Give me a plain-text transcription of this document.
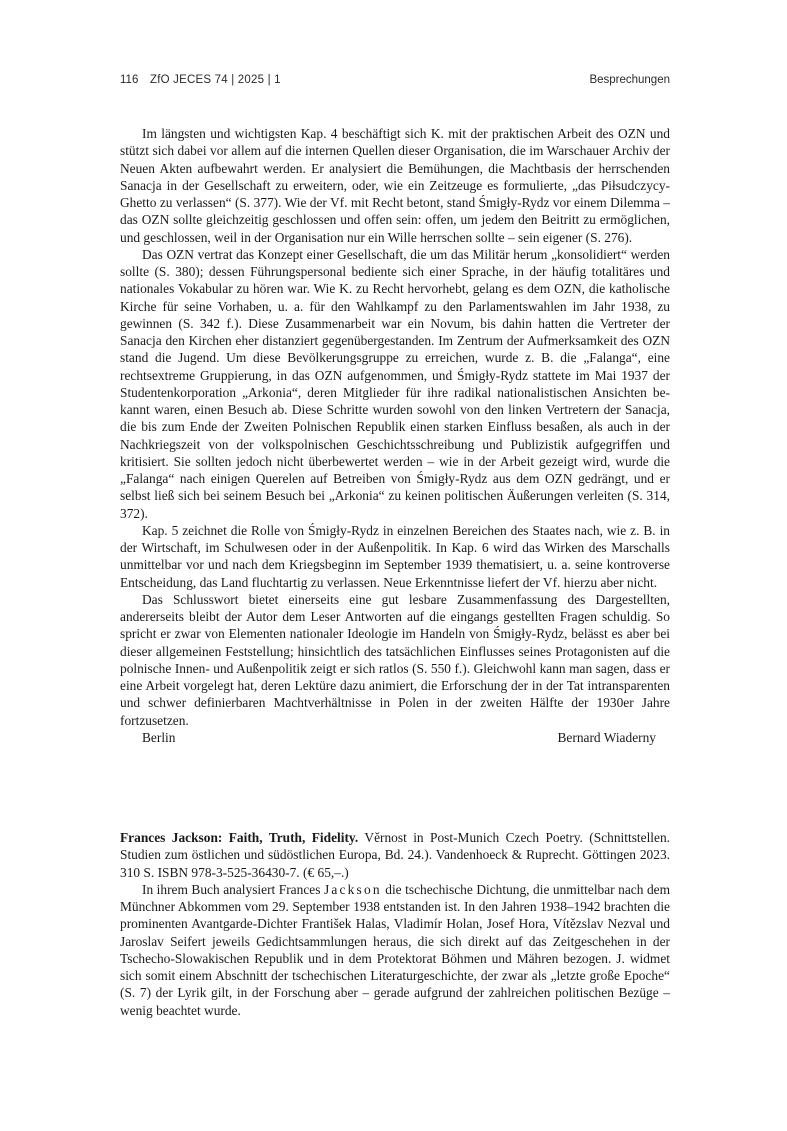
116 ZfO JECES 74 | 2025 | 1	Besprechungen

Im längsten und wichtigsten Kap. 4 beschäftigt sich K. mit der praktischen Arbeit des OZN und stützt sich dabei vor allem auf die internen Quellen dieser Organisation, die im Warschauer Archiv der Neuen Akten aufbewahrt werden. Er analysiert die Bemühungen, die Machtbasis der herrschenden Sanacja in der Gesellschaft zu erweitern, oder, wie ein Zeitzeuge es formulierte, „das Piłsudczycy-Ghetto zu verlassen“ (S. 377). Wie der Vf. mit Recht betont, stand Śmigły-Rydz vor einem Dilemma – das OZN sollte gleichzeitig geschlossen und offen sein: offen, um jedem den Beitritt zu ermöglichen, und geschlossen, weil in der Organisation nur ein Wille herrschen sollte – sein eigener (S. 276).

Das OZN vertrat das Konzept einer Gesellschaft, die um das Militär herum „konsolidiert“ werden sollte (S. 380); dessen Führungspersonal bediente sich einer Sprache, in der häufig totalitäres und nationales Vokabular zu hören war. Wie K. zu Recht hervorhebt, gelang es dem OZN, die katholische Kirche für seine Vorhaben, u. a. für den Wahlkampf zu den Parlamentswahlen im Jahr 1938, zu gewinnen (S. 342 f.). Diese Zusammenarbeit war ein Novum, bis dahin hatten die Vertreter der Sanacja den Kirchen eher distanziert gegenübergestanden. Im Zentrum der Aufmerksamkeit des OZN stand die Jugend. Um diese Bevölkerungsgruppe zu erreichen, wurde z. B. die „Falanga“, eine rechtsextreme Gruppierung, in das OZN aufgenommen, und Śmigły-Rydz stattete im Mai 1937 der Studentenkorporation „Arkonia“, deren Mitglieder für ihre radikal nationalistischen Ansichten bekannt waren, einen Besuch ab. Diese Schritte wurden sowohl von den linken Vertretern der Sanacja, die bis zum Ende der Zweiten Polnischen Republik einen starken Einfluss besaßen, als auch in der Nachkriegszeit von der volkspolnischen Geschichtsschreibung und Publizistik aufgegriffen und kritisiert. Sie sollten jedoch nicht überbewertet werden – wie in der Arbeit gezeigt wird, wurde die „Falanga“ nach einigen Querelen auf Betreiben von Śmigły-Rydz aus dem OZN gedrängt, und er selbst ließ sich bei seinem Besuch bei „Arkonia“ zu keinen politischen Äußerungen verleiten (S. 314, 372).

Kap. 5 zeichnet die Rolle von Śmigły-Rydz in einzelnen Bereichen des Staates nach, wie z. B. in der Wirtschaft, im Schulwesen oder in der Außenpolitik. In Kap. 6 wird das Wirken des Marschalls unmittelbar vor und nach dem Kriegsbeginn im September 1939 thematisiert, u. a. seine kontroverse Entscheidung, das Land fluchtartig zu verlassen. Neue Erkenntnisse liefert der Vf. hierzu aber nicht.

Das Schlusswort bietet einerseits eine gut lesbare Zusammenfassung des Dargestellten, andererseits bleibt der Autor dem Leser Antworten auf die eingangs gestellten Fragen schuldig. So spricht er zwar von Elementen nationaler Ideologie im Handeln von Śmigły-Rydz, belässt es aber bei dieser allgemeinen Feststellung; hinsichtlich des tatsächlichen Einflusses seines Protagonisten auf die polnische Innen- und Außenpolitik zeigt er sich ratlos (S. 550 f.). Gleichwohl kann man sagen, dass er eine Arbeit vorgelegt hat, deren Lektüre dazu animiert, die Erforschung der in der Tat intransparenten und schwer definierbaren Machtverhältnisse in Polen in der zweiten Hälfte der 1930er Jahre fortzusetzen.

Berlin	Bernard Wiaderny

Frances Jackson: Faith, Truth, Fidelity. Věrnost in Post-Munich Czech Poetry. (Schnittstellen. Studien zum östlichen und südöstlichen Europa, Bd. 24.). Vandenhoeck & Ruprecht. Göttingen 2023. 310 S. ISBN 978-3-525-36430-7. (€ 65,–.)

In ihrem Buch analysiert Frances Jackson die tschechische Dichtung, die unmittelbar nach dem Münchner Abkommen vom 29. September 1938 entstanden ist. In den Jahren 1938–1942 brachten die prominenten Avantgarde-Dichter František Halas, Vladimír Holan, Josef Hora, Vítězslav Nezval und Jaroslav Seifert jeweils Gedichtsammlungen heraus, die sich direkt auf das Zeitgeschehen in der Tschecho-Slowakischen Republik und in dem Protektorat Böhmen und Mähren bezogen. J. widmet sich somit einem Abschnitt der tschechischen Literaturgeschichte, der zwar als „letzte große Epoche“ (S. 7) der Lyrik gilt, in der Forschung aber – gerade aufgrund der zahlreichen politischen Bezüge – wenig beachtet wurde.
